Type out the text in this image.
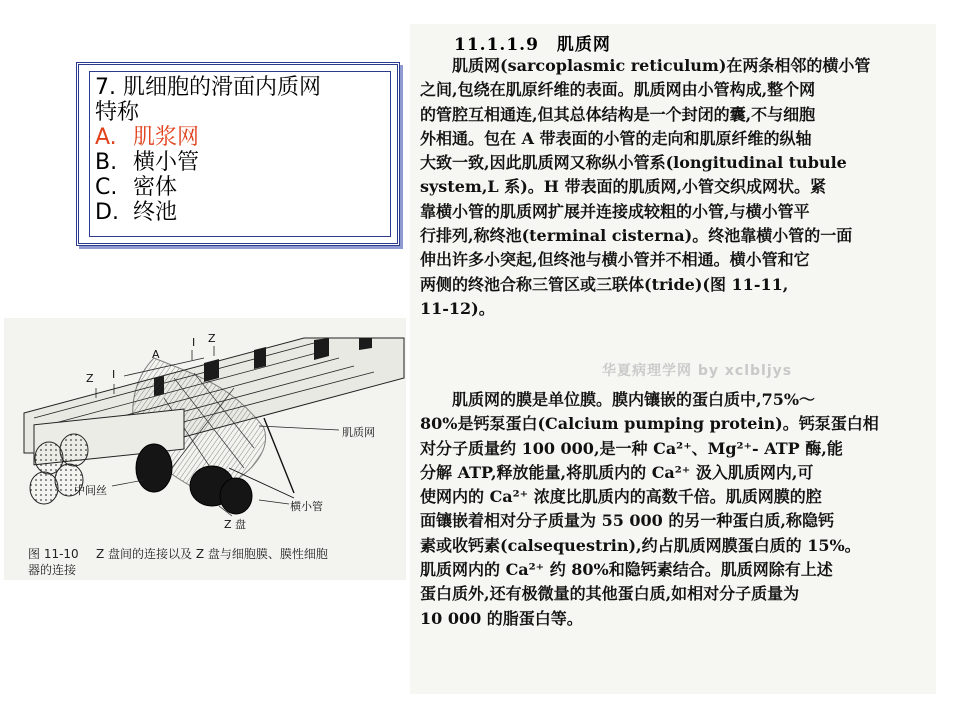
7. 肌细胞的滑面内质网
特称
A. 肌浆网
B. 横小管
C. 密体
D. 终池
Z I
A
I Z
肌质网
中间丝
横小管
Z 盘
图 11-10 Z 盘间的连接以及 Z 盘与细胞膜、膜性细胞
器的连接
11.1.1.9　肌质网
　　肌质网(sarcoplasmic reticulum)在两条相邻的横小管
之间,包绕在肌原纤维的表面。肌质网由小管构成,整个网
的管腔互相通连,但其总体结构是一个封闭的囊,不与细胞
外相通。包在 A 带表面的小管的走向和肌原纤维的纵轴
大致一致,因此肌质网又称纵小管系(longitudinal tubule
system,L 系)。H 带表面的肌质网,小管交织成网状。紧
靠横小管的肌质网扩展并连接成较粗的小管,与横小管平
行排列,称终池(terminal cisterna)。终池靠横小管的一面
伸出许多小突起,但终池与横小管并不相通。横小管和它
两侧的终池合称三管区或三联体(tride)(图 11-11,
11-12)。
华夏病理学网 by xclbljys
　　肌质网的膜是单位膜。膜内镶嵌的蛋白质中,75%～
80%是钙泵蛋白(Calcium pumping protein)。钙泵蛋白相
对分子质量约 100 000,是一种 Ca²⁺、Mg²⁺- ATP 酶,能
分解 ATP,释放能量,将肌质内的 Ca²⁺ 汲入肌质网内,可
使网内的 Ca²⁺ 浓度比肌质内的高数千倍。肌质网膜的腔
面镶嵌着相对分子质量为 55 000 的另一种蛋白质,称隐钙
素或收钙素(calsequestrin),约占肌质网膜蛋白质的 15%。
肌质网内的 Ca²⁺ 约 80%和隐钙素结合。肌质网除有上述
蛋白质外,还有极微量的其他蛋白质,如相对分子质量为
10 000 的脂蛋白等。
